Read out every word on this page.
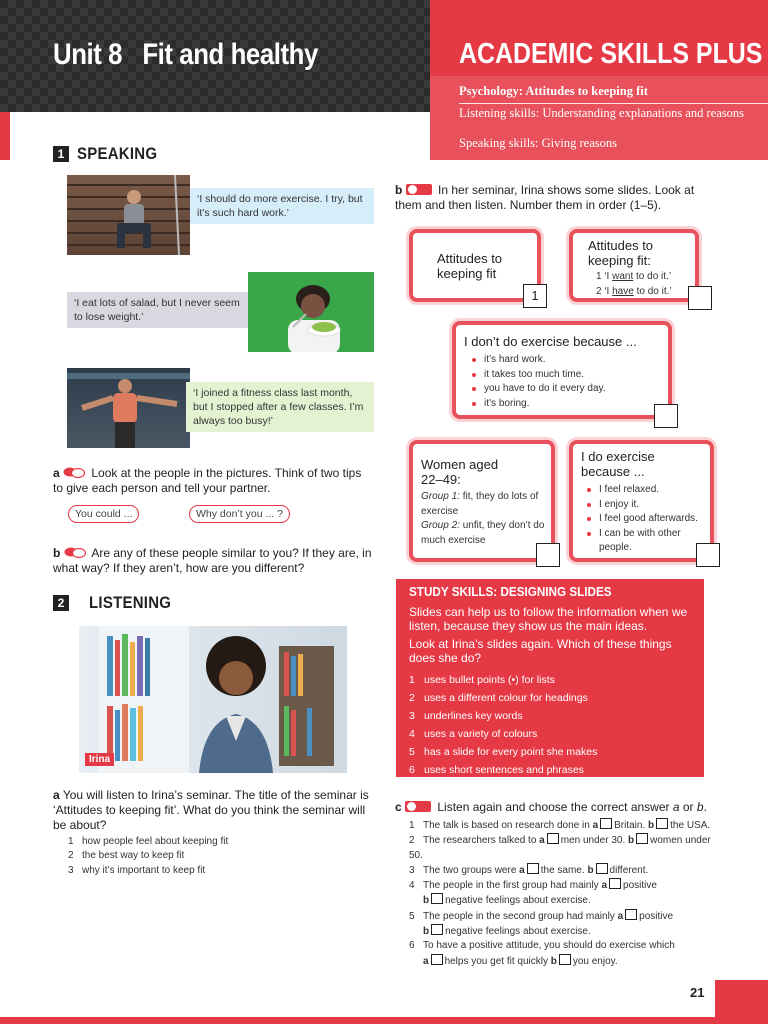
Unit 8 Fit and healthy	ACADEMIC SKILLS PLUS
Psychology: Attitudes to keeping fit
Listening skills: Understanding explanations and reasons
Speaking skills: Giving reasons
1 SPEAKING
‘I should do more exercise. I try, but it’s such hard work.’
‘I eat lots of salad, but I never seem to lose weight.’
‘I joined a fitness class last month, but I stopped after a few classes. I’m always too busy!’
a	Look at the people in the pictures. Think of two tips to give each person and tell your partner.
You could ...	Why don’t you ... ?
b	Are any of these people similar to you? If they are, in what way? If they aren’t, how are you different?
2 LISTENING
Irina
a You will listen to Irina’s seminar. The title of the seminar is ‘Attitudes to keeping fit’. What do you think the seminar will be about?
1 how people feel about keeping fit
2 the best way to keep fit
3 why it’s important to keep fit
b	In her seminar, Irina shows some slides. Look at them and then listen. Number them in order (1–5).
Attitudes to keeping fit
1
Attitudes to keeping fit:
1 ‘I want to do it.’
2 ‘I have to do it.’
I don’t do exercise because ...
it’s hard work.
it takes too much time.
you have to do it every day.
it’s boring.
Women aged 22–49:
Group 1: fit, they do lots of exercise
Group 2: unfit, they don’t do much exercise
I do exercise because ...
I feel relaxed.
I enjoy it.
I feel good afterwards.
I can be with other people.
STUDY SKILLS: DESIGNING SLIDES

Slides can help us to follow the information when we listen, because they show us the main ideas.

Look at Irina’s slides again. Which of these things does she do?

1 uses bullet points (•) for lists
2 uses a different colour for headings
3 underlines key words
4 uses a variety of colours
5 has a slide for every point she makes
6 uses short sentences and phrases
c	Listen again and choose the correct answer a or b.
1 The talk is based on research done in a Britain. b the USA.
2 The researchers talked to a men under 30. b women under 50.
3 The two groups were a the same. b different.
4 The people in the first group had mainly a positive
b negative feelings about exercise.
5 The people in the second group had mainly a positive
b negative feelings about exercise.
6 To have a positive attitude, you should do exercise which
a helps you get fit quickly b you enjoy.
21
